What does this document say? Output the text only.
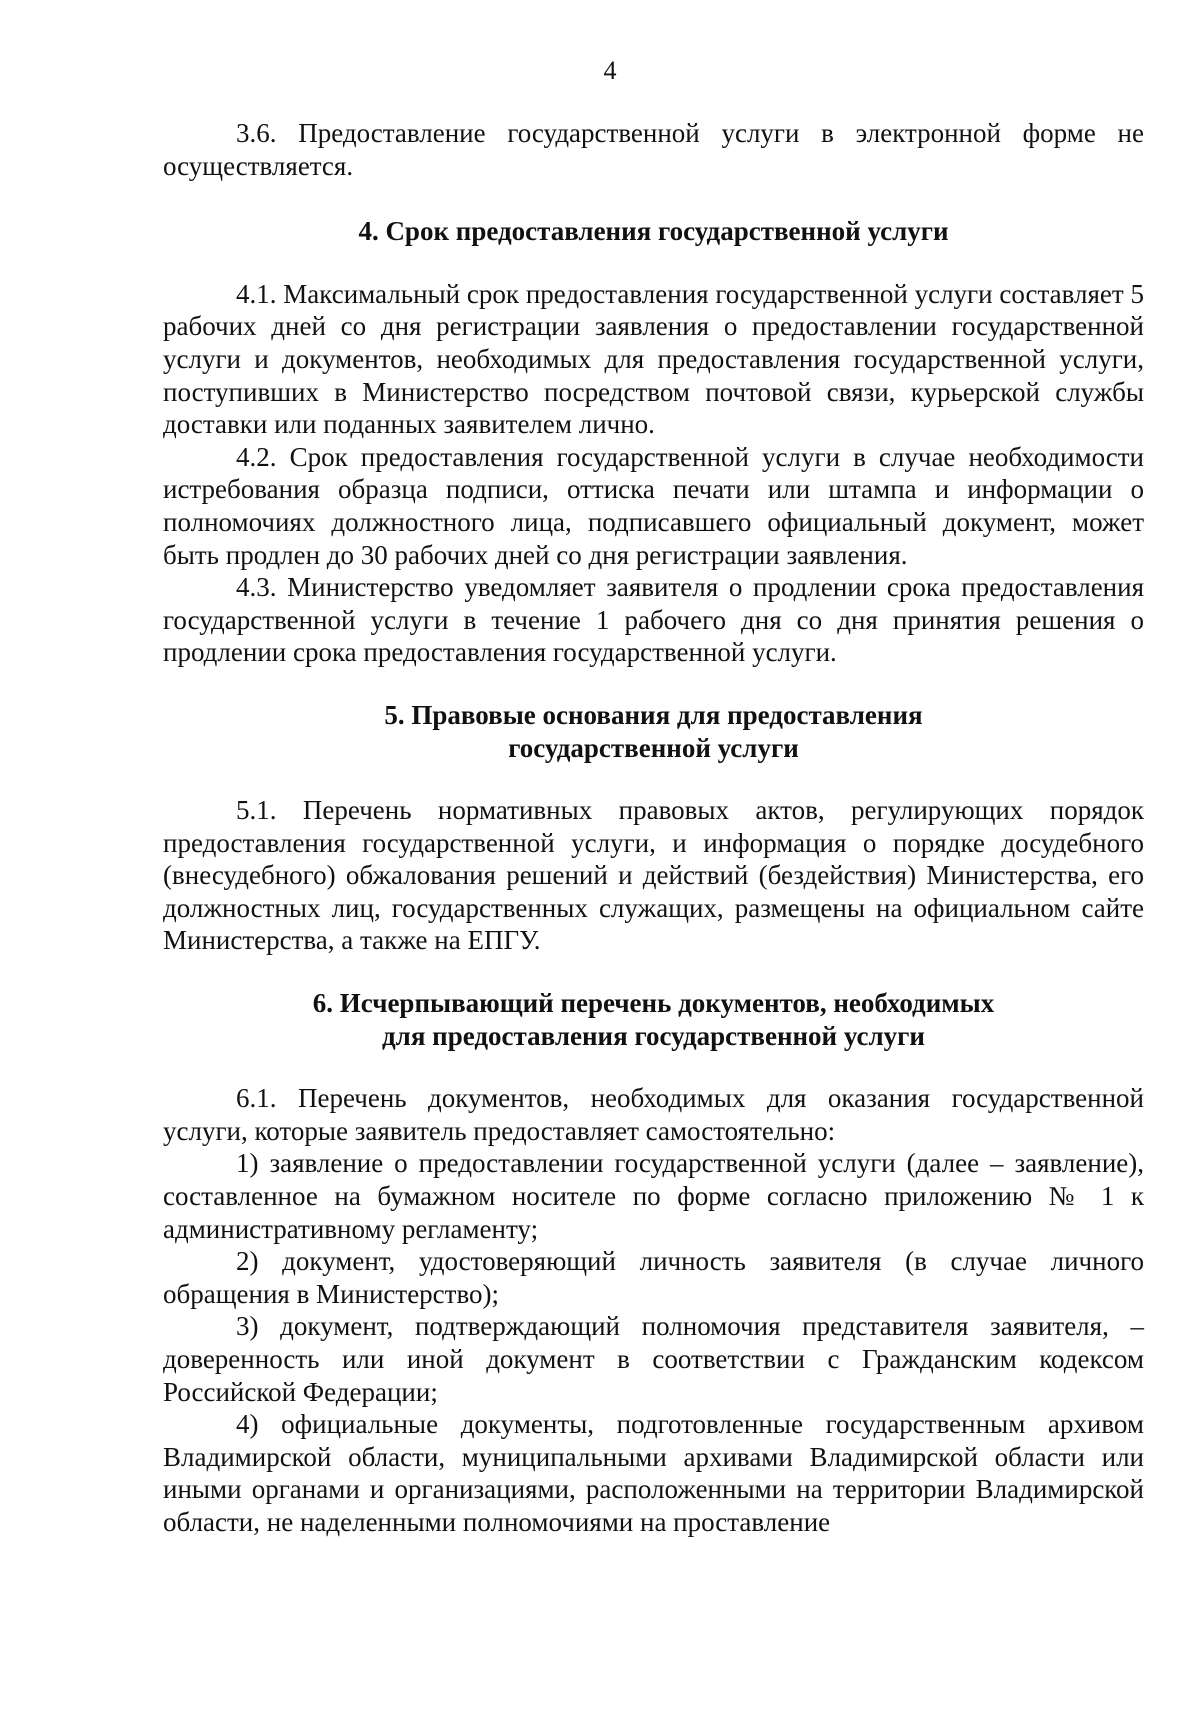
4

3.6. Предоставление государственной услуги в электронной форме не осуществляется.

4. Срок предоставления государственной услуги

4.1. Максимальный срок предоставления государственной услуги составляет 5 рабочих дней со дня регистрации заявления о предоставлении государственной услуги и документов, необходимых для предоставления государственной услуги, поступивших в Министерство посредством почтовой связи, курьерской службы доставки или поданных заявителем лично.

4.2. Срок предоставления государственной услуги в случае необходимости истребования образца подписи, оттиска печати или штампа и информации о полномочиях должностного лица, подписавшего официальный документ, может быть продлен до 30 рабочих дней со дня регистрации заявления.

4.3. Министерство уведомляет заявителя о продлении срока предоставления государственной услуги в течение 1 рабочего дня со дня принятия решения о продлении срока предоставления государственной услуги.

5. Правовые основания для предоставления
государственной услуги

5.1. Перечень нормативных правовых актов, регулирующих порядок предоставления государственной услуги, и информация о порядке досудебного (внесудебного) обжалования решений и действий (бездействия) Министерства, его должностных лиц, государственных служащих, размещены на официальном сайте Министерства, а также на ЕПГУ.

6. Исчерпывающий перечень документов, необходимых
для предоставления государственной услуги

6.1. Перечень документов, необходимых для оказания государственной услуги, которые заявитель предоставляет самостоятельно:

1) заявление о предоставлении государственной услуги (далее – заявление), составленное на бумажном носителе по форме согласно приложению № 1 к административному регламенту;

2) документ, удостоверяющий личность заявителя (в случае личного обращения в Министерство);

3) документ, подтверждающий полномочия представителя заявителя, – доверенность или иной документ в соответствии с Гражданским кодексом Российской Федерации;

4) официальные документы, подготовленные государственным архивом Владимирской области, муниципальными архивами Владимирской области или иными органами и организациями, расположенными на территории Владимирской области, не наделенными полномочиями на проставление
